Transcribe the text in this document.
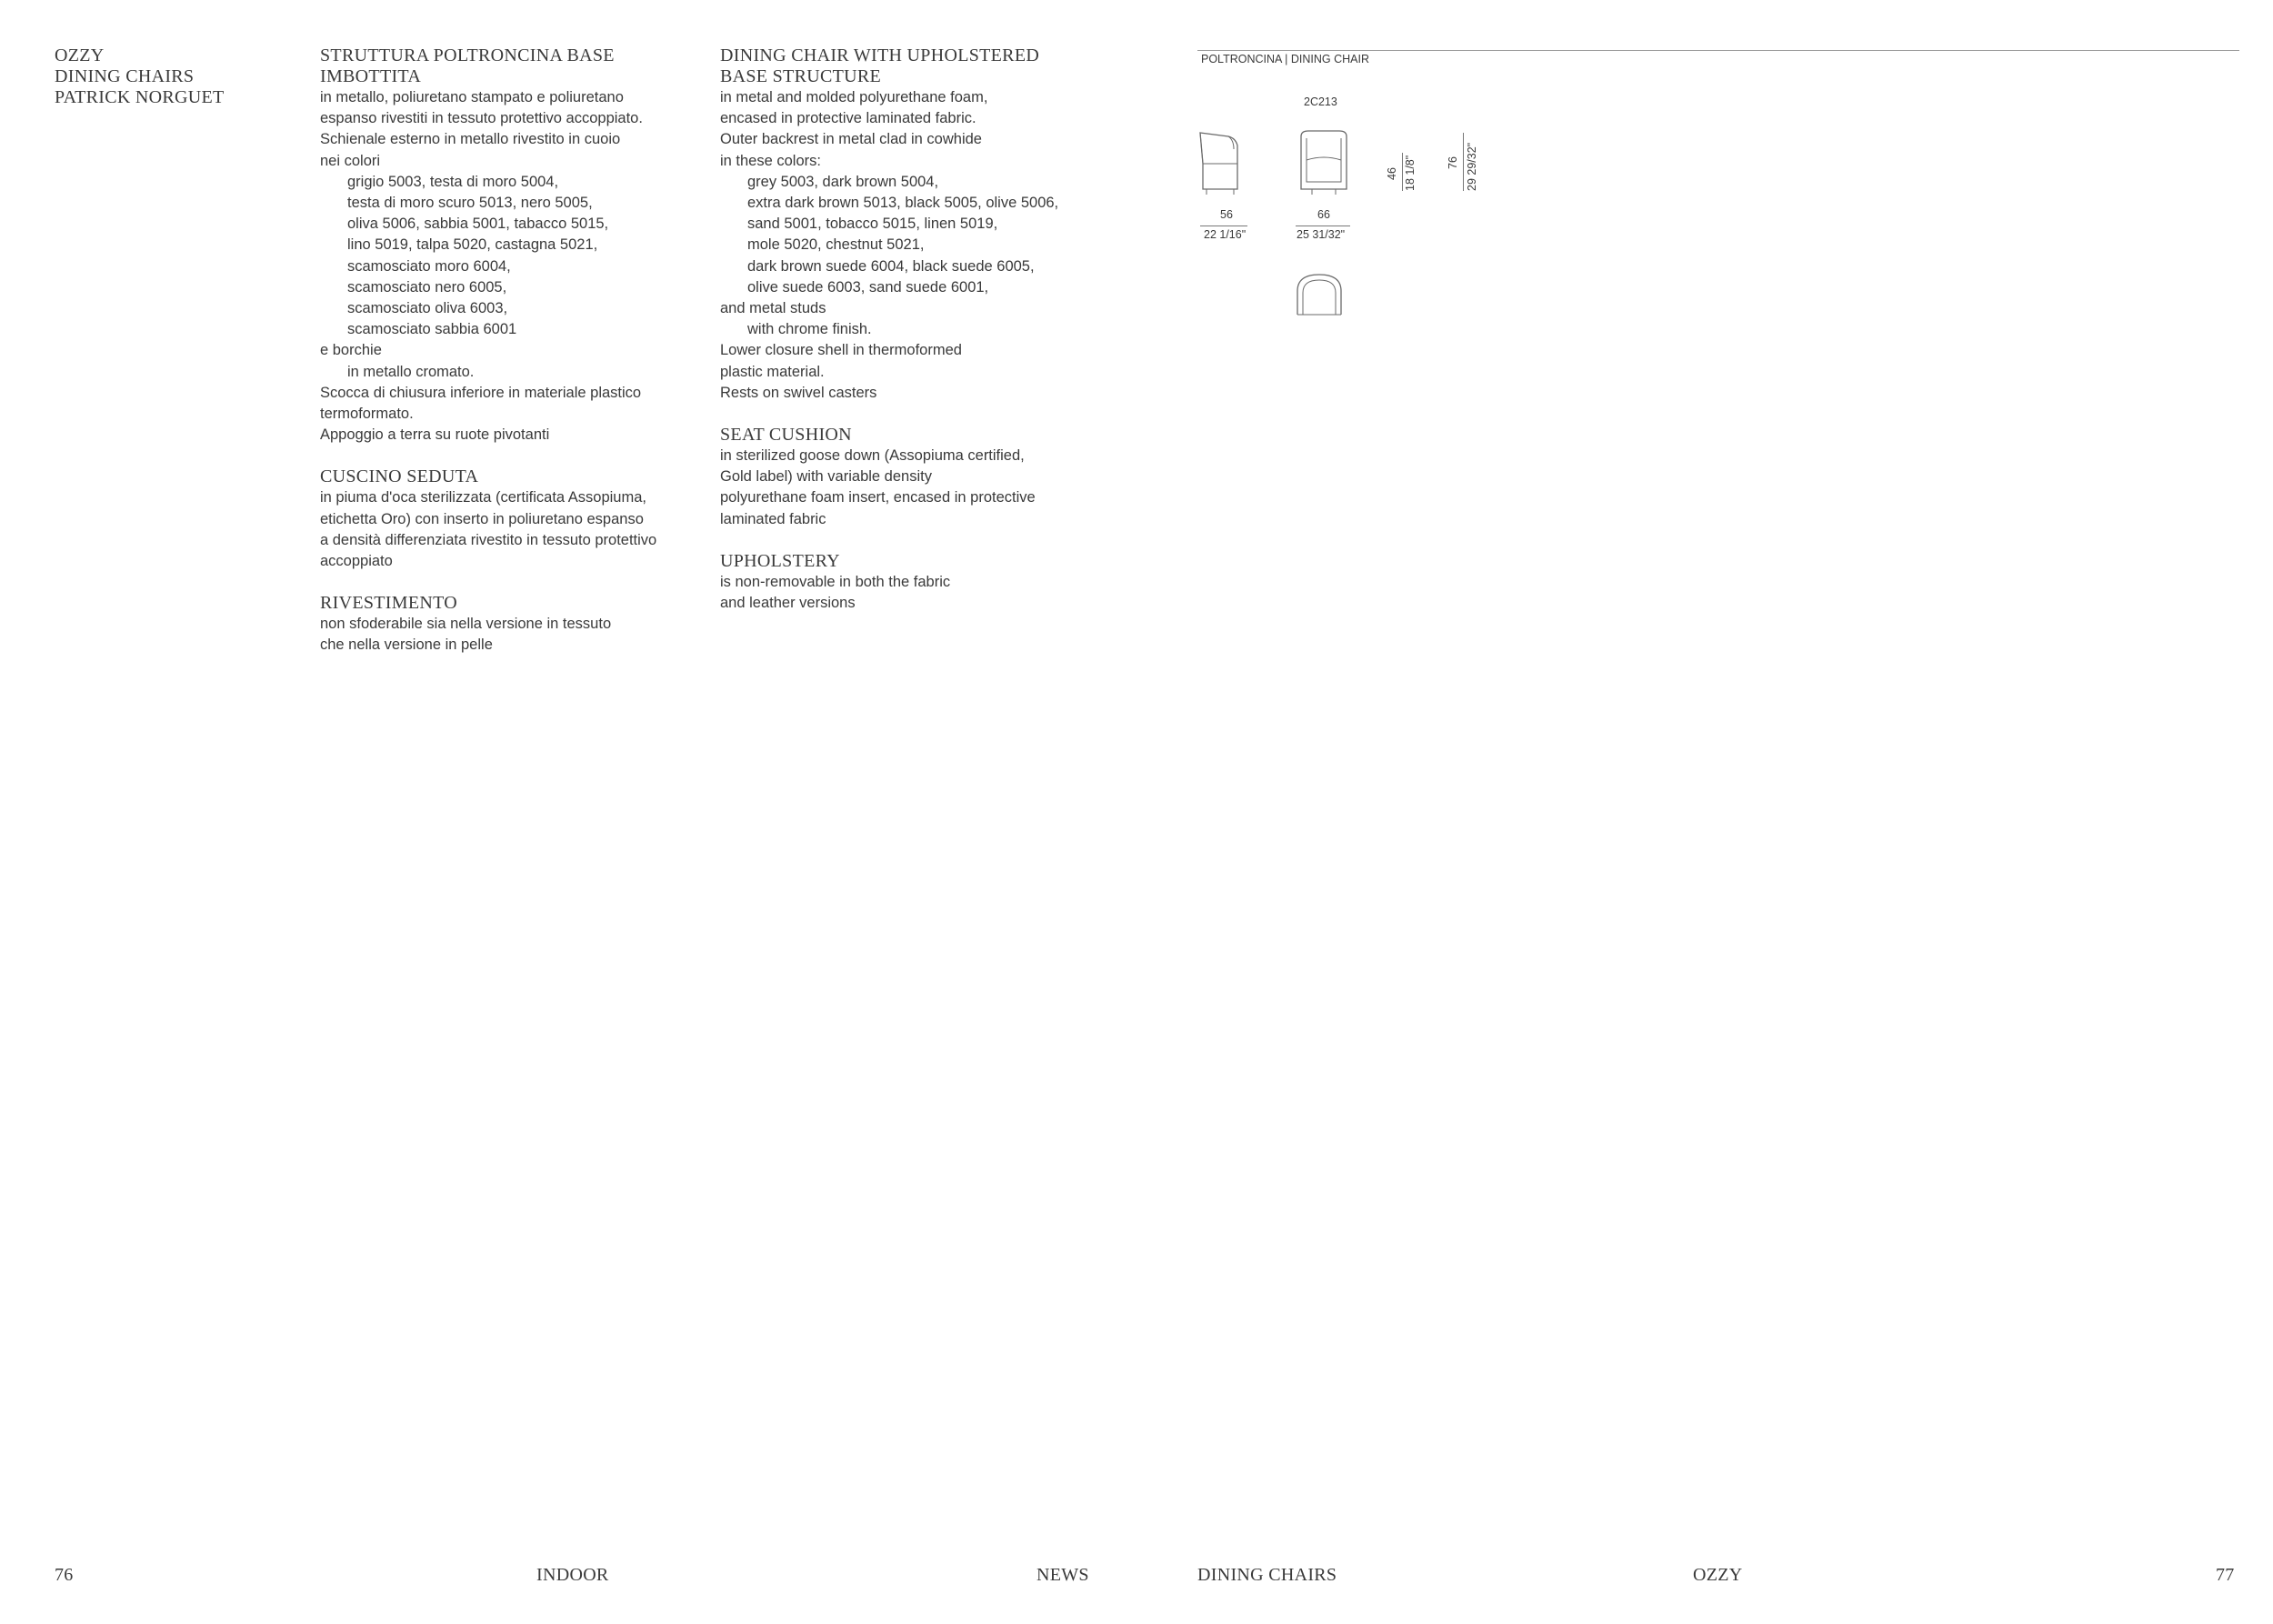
OZZY
DINING CHAIRS
PATRICK NORGUET
STRUTTURA POLTRONCINA BASE
IMBOTTITA
in metallo, poliuretano stampato e poliuretano
espanso rivestiti in tessuto protettivo accoppiato.
Schienale esterno in metallo rivestito in cuoio
nei colori
grigio 5003, testa di moro 5004,
testa di moro scuro 5013, nero 5005,
oliva 5006, sabbia 5001, tabacco 5015,
lino 5019, talpa 5020, castagna 5021,
scamosciato moro 6004,
scamosciato nero 6005,
scamosciato oliva 6003,
scamosciato sabbia 6001
e borchie
in metallo cromato.
Scocca di chiusura inferiore in materiale plastico
termoformato.
Appoggio a terra su ruote pivotanti
CUSCINO SEDUTA
in piuma d'oca sterilizzata (certificata Assopiuma,
etichetta Oro) con inserto in poliuretano espanso
a densità differenziata rivestito in tessuto protettivo
accoppiato
RIVESTIMENTO
non sfoderabile sia nella versione in tessuto
che nella versione in pelle
DINING CHAIR WITH UPHOLSTERED
BASE STRUCTURE
in metal and molded polyurethane foam,
encased in protective laminated fabric.
Outer backrest in metal clad in cowhide
in these colors:
grey 5003, dark brown 5004,
extra dark brown 5013, black 5005, olive 5006,
sand 5001, tobacco 5015, linen 5019,
mole 5020, chestnut 5021,
dark brown suede 6004, black suede 6005,
olive suede 6003, sand suede 6001,
and metal studs
with chrome finish.
Lower closure shell in thermoformed
plastic material.
Rests on swivel casters
SEAT CUSHION
in sterilized goose down (Assopiuma certified,
Gold label) with variable density
polyurethane foam insert, encased in protective
laminated fabric
UPHOLSTERY
is non-removable in both the fabric
and leather versions
POLTRONCINA | DINING CHAIR
2C213
56
22 1/16"
66
25 31/32"
46 18 1/8"	76 29 29/32"
76	INDOOR	NEWS	DINING CHAIRS	OZZY	77
